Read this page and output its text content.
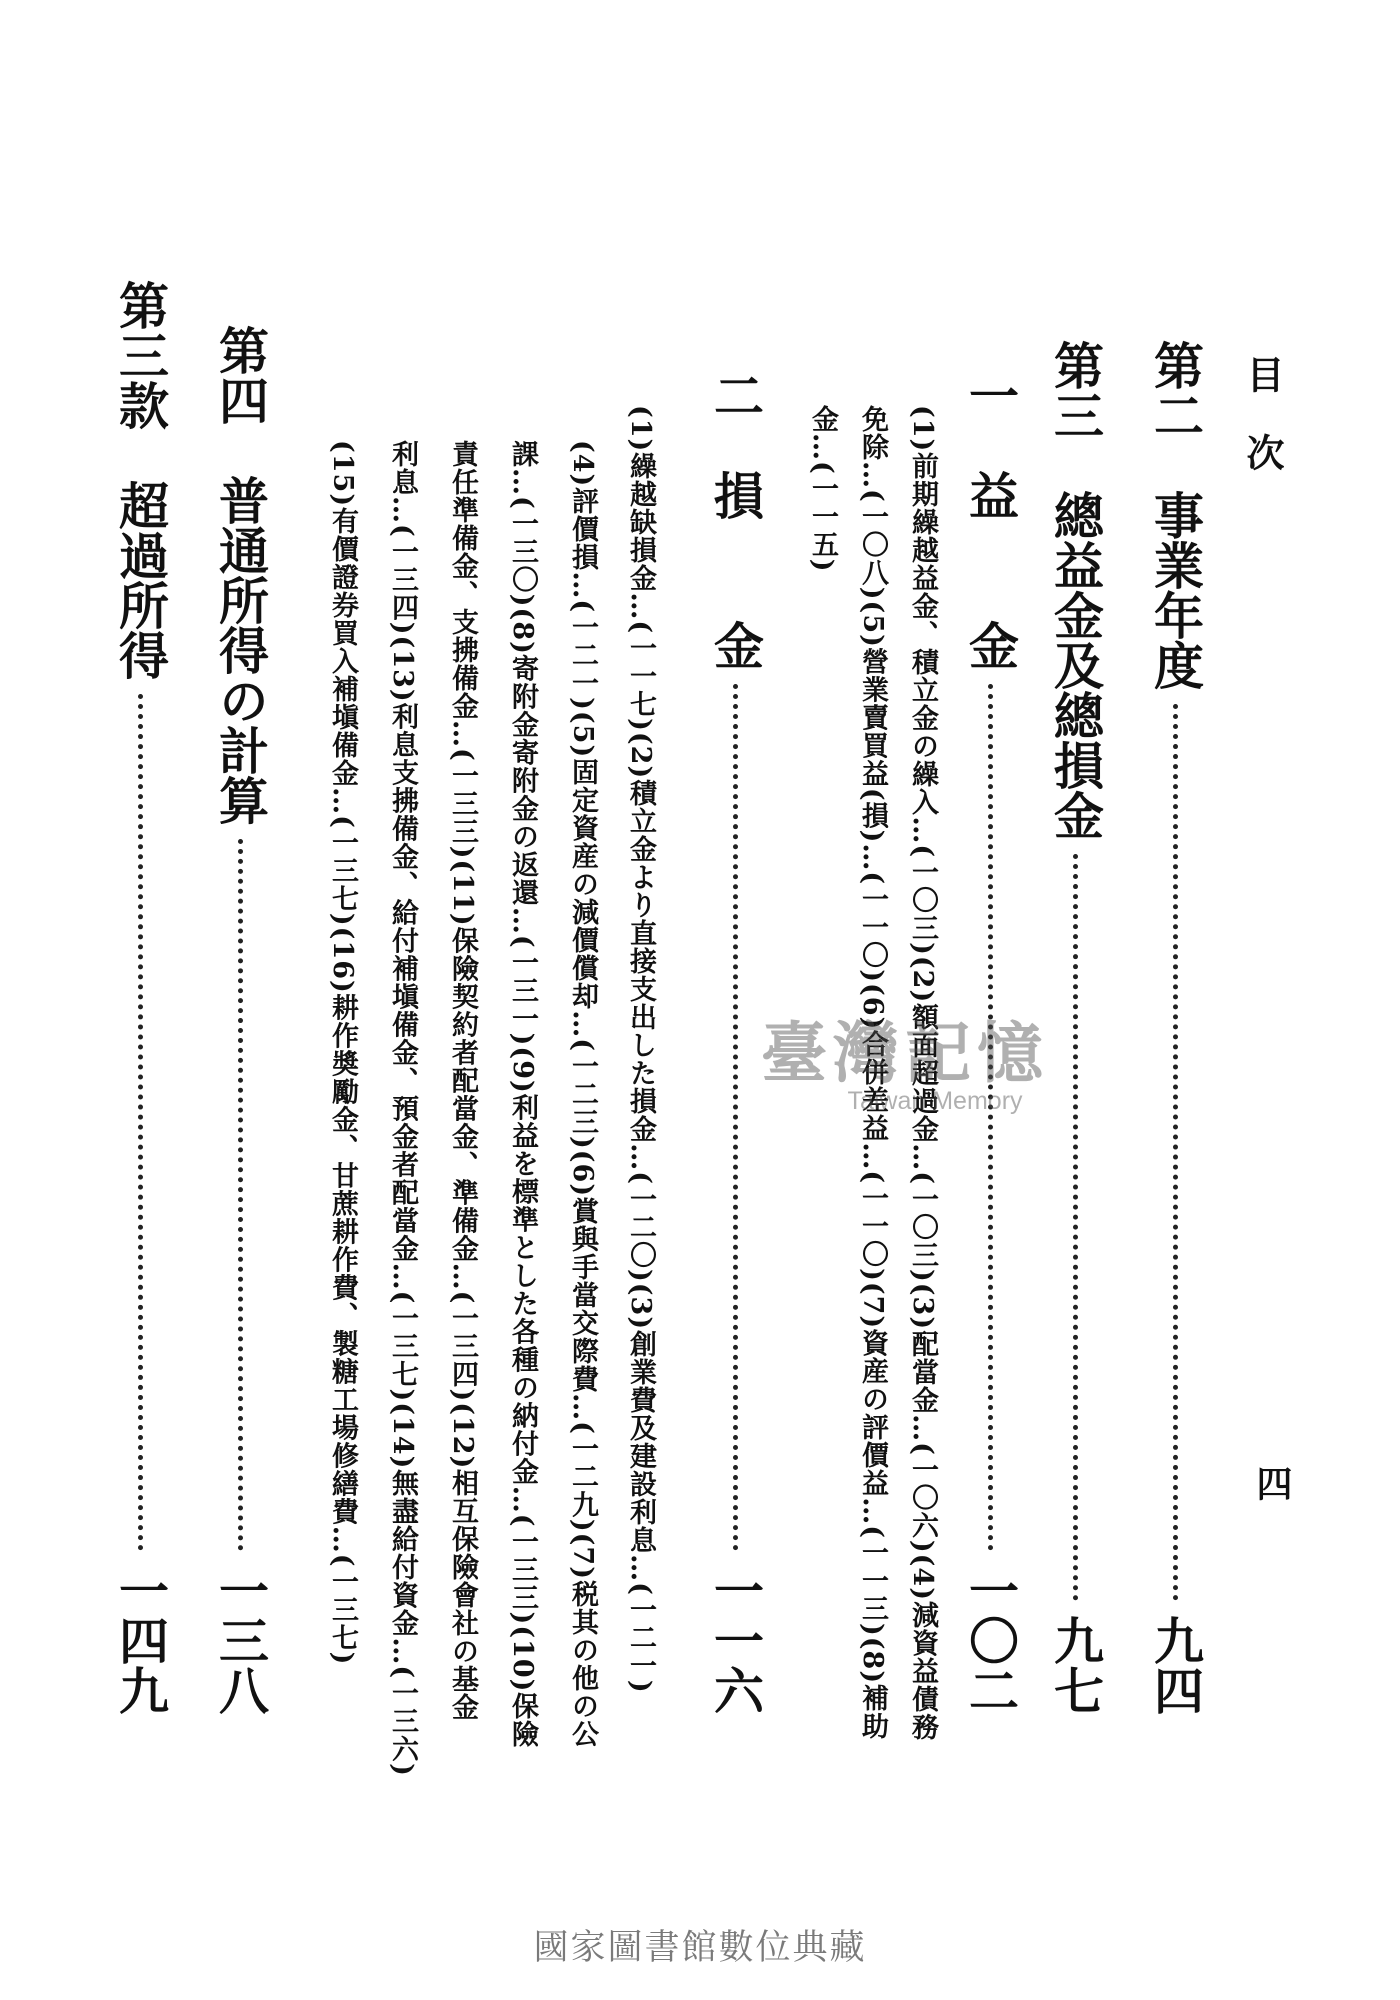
目次
四
第二　事業年度
九四
第三　總益金及總損金
九七
一　益　　金
一〇二
(1)前期繰越益金、積立金の繰入…(一〇三)(2)額面超過金…(一〇三)(3)配當金…(一〇六)(4)減資益債務
免除…(一〇八)(5)營業賣買益(損)…(一一〇)(6)合併差益…(一一〇)(7)資産の評價益…(一一三)(8)補助
金…(一一五)
二　損　　金
一一六
(1)繰越缺損金…(一一七)(2)積立金より直接支出した損金…(一二〇)(3)創業費及建設利息…(一二一)
(4)評價損…(一二一)(5)固定資産の減價償却…(一二三)(6)賞與手當交際費…(一二九)(7)税其の他の公
課…(一三〇)(8)寄附金寄附金の返還…(一三一)(9)利益を標準とした各種の納付金…(一三三)(10)保險
責任準備金、支拂備金…(一三三)(11)保險契約者配當金、準備金…(一三四)(12)相互保險會社の基金
利息…(一三四)(13)利息支拂備金、給付補塡備金、預金者配當金…(一三七)(14)無盡給付資金…(一三六)
(15)有價證券買入補塡備金…(一三七)(16)耕作奬勵金、甘蔗耕作費、製糖工場修繕費…(一三七)
第四　普通所得の計算
一三八
第三款　超過所得
一四九
臺灣記憶
Taiwan Memory
國家圖書館數位典藏
